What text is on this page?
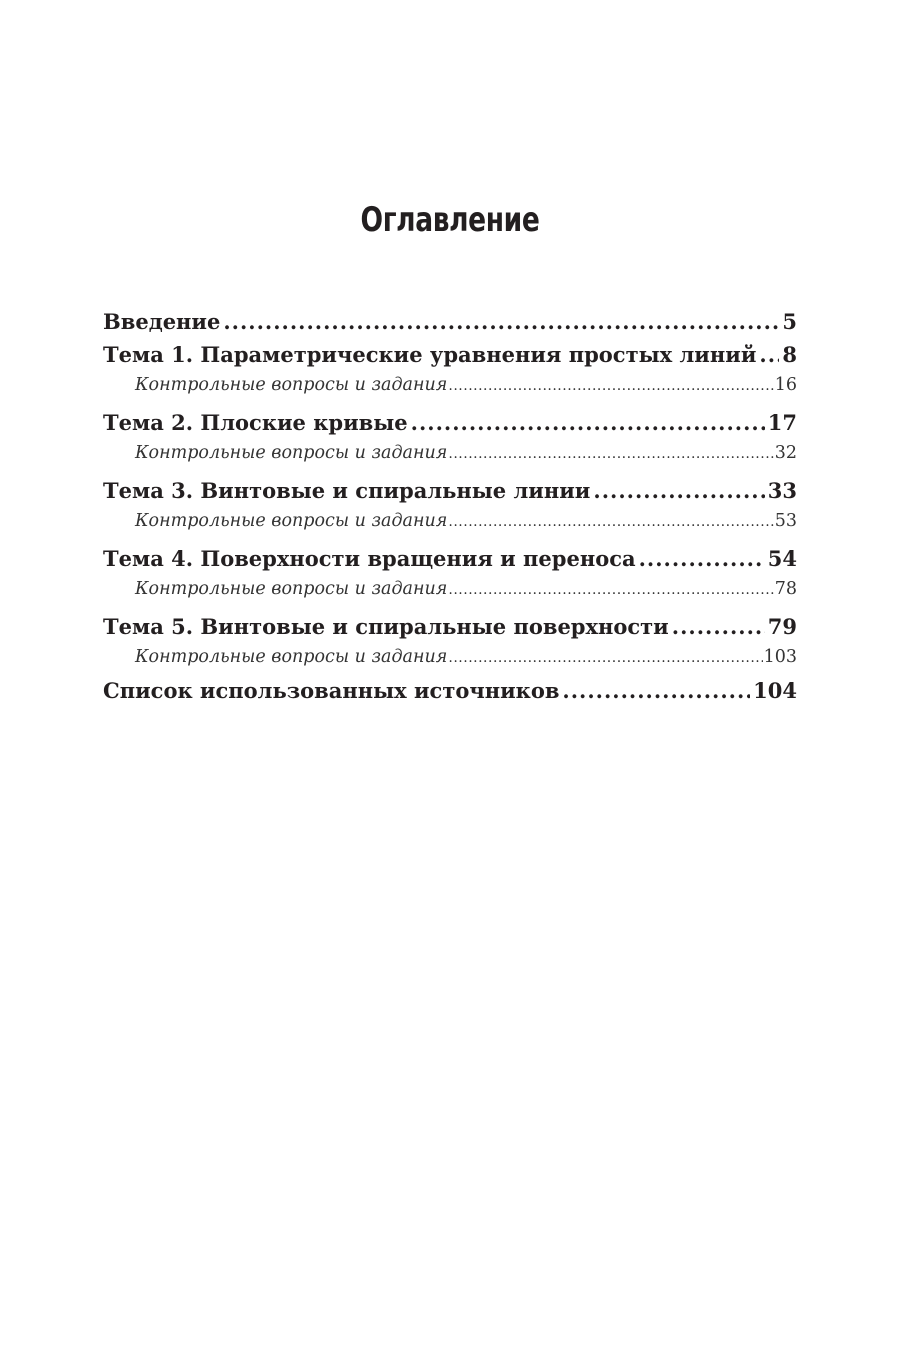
Оглавление
Введение .....	5
Тема 1. Параметрические уравнения простых линий ..... 8
Контрольные вопросы и задания .....	16
Тема 2. Плоские кривые .....	17
Контрольные вопросы и задания .....	32
Тема 3. Винтовые и спиральные линии .....	33
Контрольные вопросы и задания .....	53
Тема 4. Поверхности вращения и переноса .....	54
Контрольные вопросы и задания .....	78
Тема 5. Винтовые и спиральные поверхности .....	79
Контрольные вопросы и задания .....	103
Список использованных источников .....	104
